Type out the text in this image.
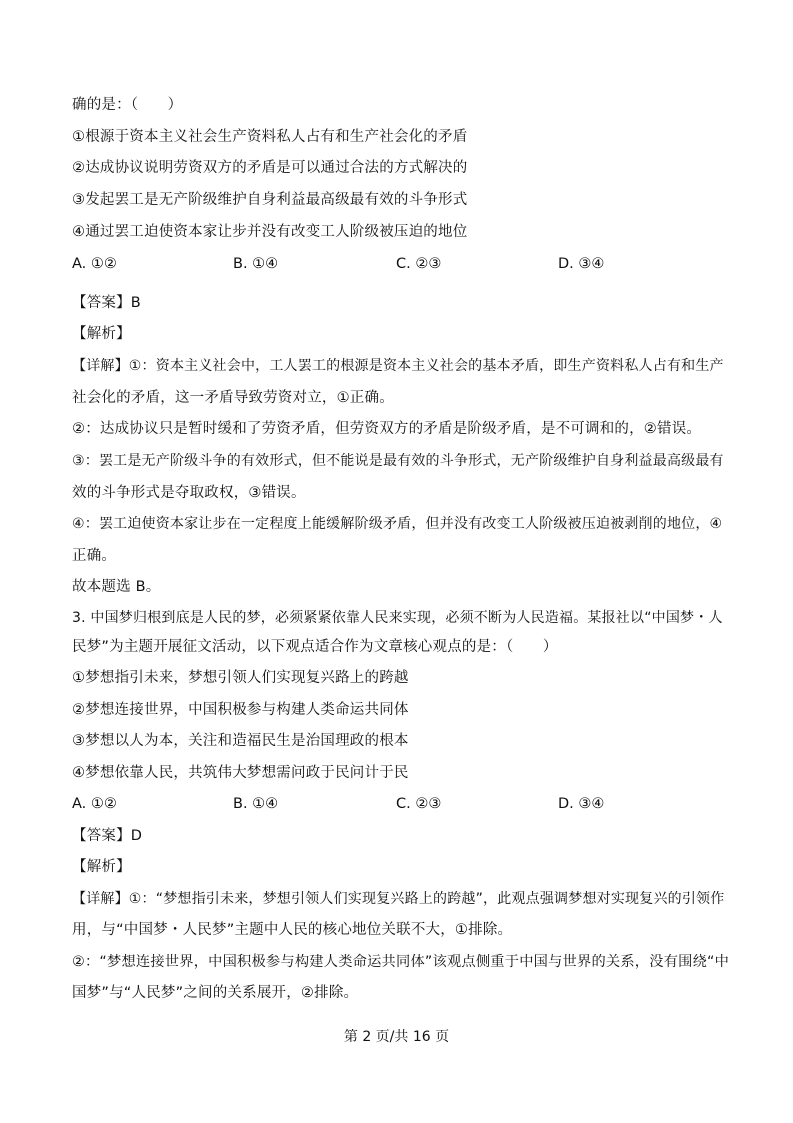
确的是：（　　）
①根源于资本主义社会生产资料私人占有和生产社会化的矛盾
②达成协议说明劳资双方的矛盾是可以通过合法的方式解决的
③发起罢工是无产阶级维护自身利益最高级最有效的斗争形式
④通过罢工迫使资本家让步并没有改变工人阶级被压迫的地位
A. ①②	B. ①④	C. ②③	D. ③④
【答案】B
【解析】
【详解】①：资本主义社会中，工人罢工的根源是资本主义社会的基本矛盾，即生产资料私人占有和生产
社会化的矛盾，这一矛盾导致劳资对立，①正确。
②：达成协议只是暂时缓和了劳资矛盾，但劳资双方的矛盾是阶级矛盾，是不可调和的，②错误。
③：罢工是无产阶级斗争的有效形式，但不能说是最有效的斗争形式，无产阶级维护自身利益最高级最有
效的斗争形式是夺取政权，③错误。
④：罢工迫使资本家让步在一定程度上能缓解阶级矛盾，但并没有改变工人阶级被压迫被剥削的地位，④
正确。
故本题选 B。
3. 中国梦归根到底是人民的梦，必须紧紧依靠人民来实现，必须不断为人民造福。某报社以“中国梦・人
民梦”为主题开展征文活动，以下观点适合作为文章核心观点的是：（　　）
①梦想指引未来，梦想引领人们实现复兴路上的跨越
②梦想连接世界，中国积极参与构建人类命运共同体
③梦想以人为本，关注和造福民生是治国理政的根本
④梦想依靠人民，共筑伟大梦想需问政于民问计于民
A. ①②	B. ①④	C. ②③	D. ③④
【答案】D
【解析】
【详解】①：“梦想指引未来，梦想引领人们实现复兴路上的跨越”，此观点强调梦想对实现复兴的引领作
用，与“中国梦・人民梦”主题中人民的核心地位关联不大，①排除。
②：“梦想连接世界，中国积极参与构建人类命运共同体”该观点侧重于中国与世界的关系，没有围绕“中
国梦”与“人民梦”之间的关系展开，②排除。
第 2 页/共 16 页
